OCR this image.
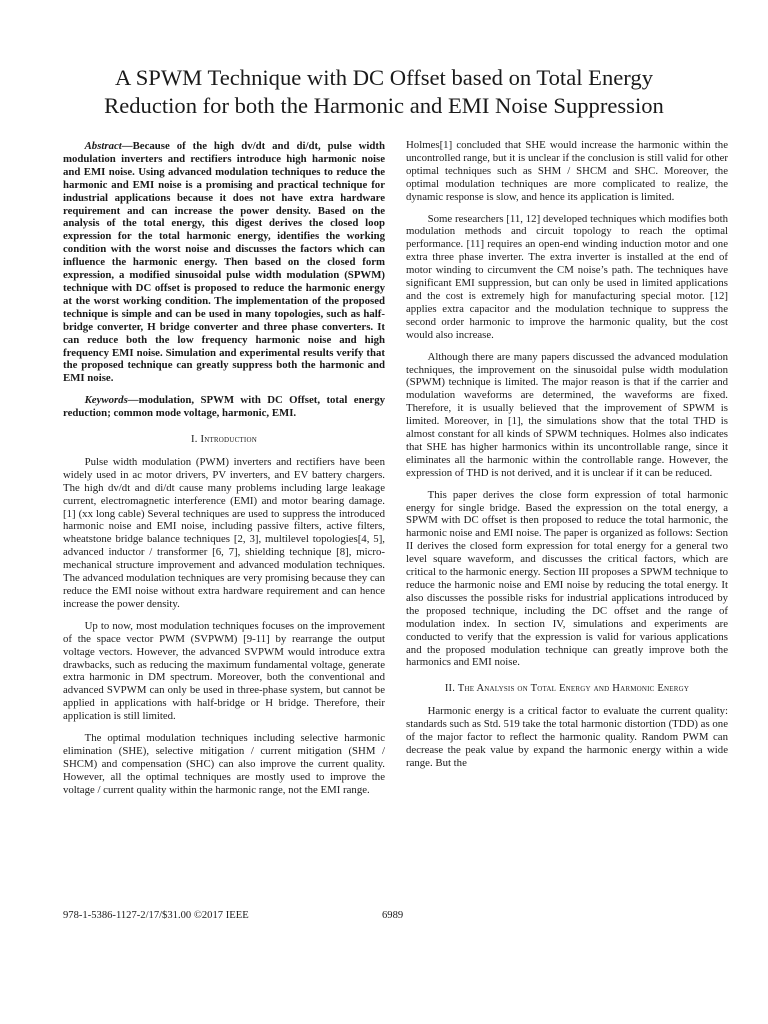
A SPWM Technique with DC Offset based on Total Energy
Reduction for both the Harmonic and EMI Noise Suppression

Abstract—Because of the high dv/dt and di/dt, pulse width modulation inverters and rectifiers introduce high harmonic noise and EMI noise. Using advanced modulation techniques to reduce the harmonic and EMI noise is a promising and practical technique for industrial applications because it does not have extra hardware requirement and can increase the power density. Based on the analysis of the total energy, this digest derives the closed loop expression for the total harmonic energy, identifies the working condition with the worst noise and discusses the factors which can influence the harmonic energy. Then based on the closed form expression, a modified sinusoidal pulse width modulation (SPWM) technique with DC offset is proposed to reduce the harmonic energy at the worst working condition. The implementation of the proposed technique is simple and can be used in many topologies, such as half-bridge converter, H bridge converter and three phase converters. It can reduce both the low frequency harmonic noise and high frequency EMI noise. Simulation and experimental results verify that the proposed technique can greatly suppress both the harmonic and EMI noise.

Keywords—modulation, SPWM with DC Offset, total energy reduction; common mode voltage, harmonic, EMI.

I. Introduction

Pulse width modulation (PWM) inverters and rectifiers have been widely used in ac motor drivers, PV inverters, and EV battery chargers. The high dv/dt and di/dt cause many problems including large leakage current, electromagnetic interference (EMI) and motor bearing damage.[1] (xx long cable) Several techniques are used to suppress the introduced harmonic noise and EMI noise, including passive filters, active filters, wheatstone bridge balance techniques [2, 3], multilevel topologies[4, 5], advanced inductor / transformer [6, 7], shielding technique [8], micro-mechanical structure improvement and advanced modulation techniques. The advanced modulation techniques are very promising because they can reduce the EMI noise without extra hardware requirement and can hence increase the power density.

Up to now, most modulation techniques focuses on the improvement of the space vector PWM (SVPWM) [9-11] by rearrange the output voltage vectors. However, the advanced SVPWM would introduce extra drawbacks, such as reducing the maximum fundamental voltage, generate extra harmonic in DM spectrum. Moreover, both the conventional and advanced SVPWM can only be used in three-phase system, but cannot be applied in applications with half-bridge or H bridge. Therefore, their application is still limited.

The optimal modulation techniques including selective harmonic elimination (SHE), selective mitigation / current mitigation (SHM / SHCM) and compensation (SHC) can also improve the current quality. However, all the optimal techniques are mostly used to improve the voltage / current quality within the harmonic range, not the EMI range.

Holmes[1] concluded that SHE would increase the harmonic within the uncontrolled range, but it is unclear if the conclusion is still valid for other optimal techniques such as SHM / SHCM and SHC. Moreover, the optimal modulation techniques are more complicated to realize, the dynamic response is slow, and hence its application is limited.

Some researchers [11, 12] developed techniques which modifies both modulation methods and circuit topology to reach the optimal performance. [11] requires an open-end winding induction motor and one extra three phase inverter. The extra inverter is installed at the end of motor winding to circumvent the CM noise’s path. The techniques have significant EMI suppression, but can only be used in limited applications and the cost is extremely high for manufacturing special motor. [12] applies extra capacitor and the modulation technique to suppress the second order harmonic to improve the harmonic quality, but the cost would also increase.

Although there are many papers discussed the advanced modulation techniques, the improvement on the sinusoidal pulse width modulation (SPWM) technique is limited. The major reason is that if the carrier and modulation waveforms are determined, the waveforms are fixed. Therefore, it is usually believed that the improvement of SPWM is limited. Moreover, in [1], the simulations show that the total THD is almost constant for all kinds of SPWM techniques. Holmes also indicates that SHE has higher harmonics within its uncontrollable range, since it eliminates all the harmonic within the controllable range. However, the expression of THD is not derived, and it is unclear if it can be reduced.

This paper derives the close form expression of total harmonic energy for single bridge. Based the expression on the total energy, a SPWM with DC offset is then proposed to reduce the total harmonic, the harmonic noise and EMI noise. The paper is organized as follows: Section II derives the closed form expression for total energy for a general two level square waveform, and discusses the critical factors, which are critical to the harmonic energy. Section III proposes a SPWM technique to reduce the harmonic noise and EMI noise by reducing the total energy. It also discusses the possible risks for industrial applications introduced by the proposed technique, including the DC offset and the range of modulation index. In section IV, simulations and experiments are conducted to verify that the expression is valid for various applications and the proposed modulation technique can greatly improve both the harmonics and EMI noise.

II. The Analysis on Total Energy and Harmonic Energy

Harmonic energy is a critical factor to evaluate the current quality: standards such as Std. 519 take the total harmonic distortion (TDD) as one of the major factor to reflect the harmonic quality. Random PWM can decrease the peak value by expand the harmonic energy within a wide range. But the

978-1-5386-1127-2/17/$31.00 ©2017 IEEE	6989
